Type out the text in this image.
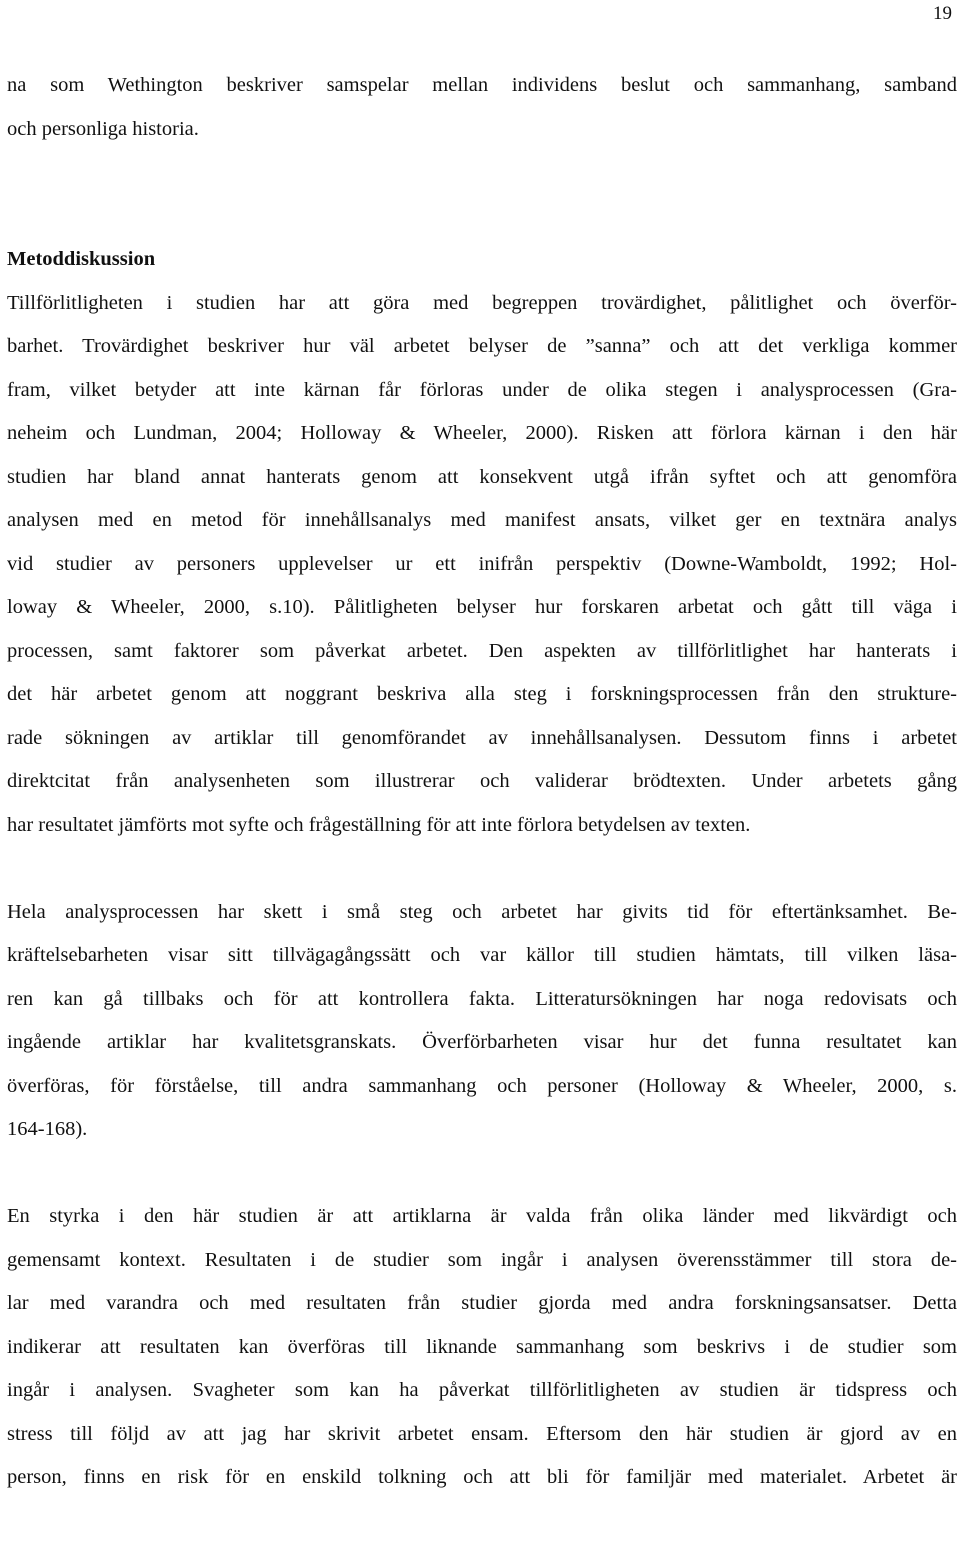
19
na som Wethington beskriver samspelar mellan individens beslut och sammanhang, samband
och personliga historia.
Metoddiskussion
Tillförlitligheten i studien har att göra med begreppen trovärdighet, pålitlighet och överför-
barhet. Trovärdighet beskriver hur väl arbetet belyser de ”sanna” och att det verkliga kommer
fram, vilket betyder att inte kärnan får förloras under de olika stegen i analysprocessen (Gra-
neheim och Lundman, 2004; Holloway & Wheeler, 2000). Risken att förlora kärnan i den här
studien har bland annat hanterats genom att konsekvent utgå ifrån syftet och att genomföra
analysen med en metod för innehållsanalys med manifest ansats, vilket ger en textnära analys
vid studier av personers upplevelser ur ett inifrån perspektiv (Downe-Wamboldt, 1992; Hol-
loway & Wheeler, 2000, s.10). Pålitligheten belyser hur forskaren arbetat och gått till väga i
processen, samt faktorer som påverkat arbetet. Den aspekten av tillförlitlighet har hanterats i
det här arbetet genom att noggrant beskriva alla steg i forskningsprocessen från den strukture-
rade sökningen av artiklar till genomförandet av innehållsanalysen. Dessutom finns i arbetet
direktcitat från analysenheten som illustrerar och validerar brödtexten. Under arbetets gång
har resultatet jämförts mot syfte och frågeställning för att inte förlora betydelsen av texten.
Hela analysprocessen har skett i små steg och arbetet har givits tid för eftertänksamhet. Be-
kräftelsebarheten visar sitt tillvägagångssätt och var källor till studien hämtats, till vilken läsa-
ren kan gå tillbaks och för att kontrollera fakta. Litteratursökningen har noga redovisats och
ingående artiklar har kvalitetsgranskats. Överförbarheten visar hur det funna resultatet kan
överföras, för förståelse, till andra sammanhang och personer (Holloway & Wheeler, 2000, s.
164-168).
En styrka i den här studien är att artiklarna är valda från olika länder med likvärdigt och
gemensamt kontext. Resultaten i de studier som ingår i analysen överensstämmer till stora de-
lar med varandra och med resultaten från studier gjorda med andra forskningsansatser. Detta
indikerar att resultaten kan överföras till liknande sammanhang som beskrivs i de studier som
ingår i analysen. Svagheter som kan ha påverkat tillförlitligheten av studien är tidspress och
stress till följd av att jag har skrivit arbetet ensam. Eftersom den här studien är gjord av en
person, finns en risk för en enskild tolkning och att bli för familjär med materialet. Arbetet är
